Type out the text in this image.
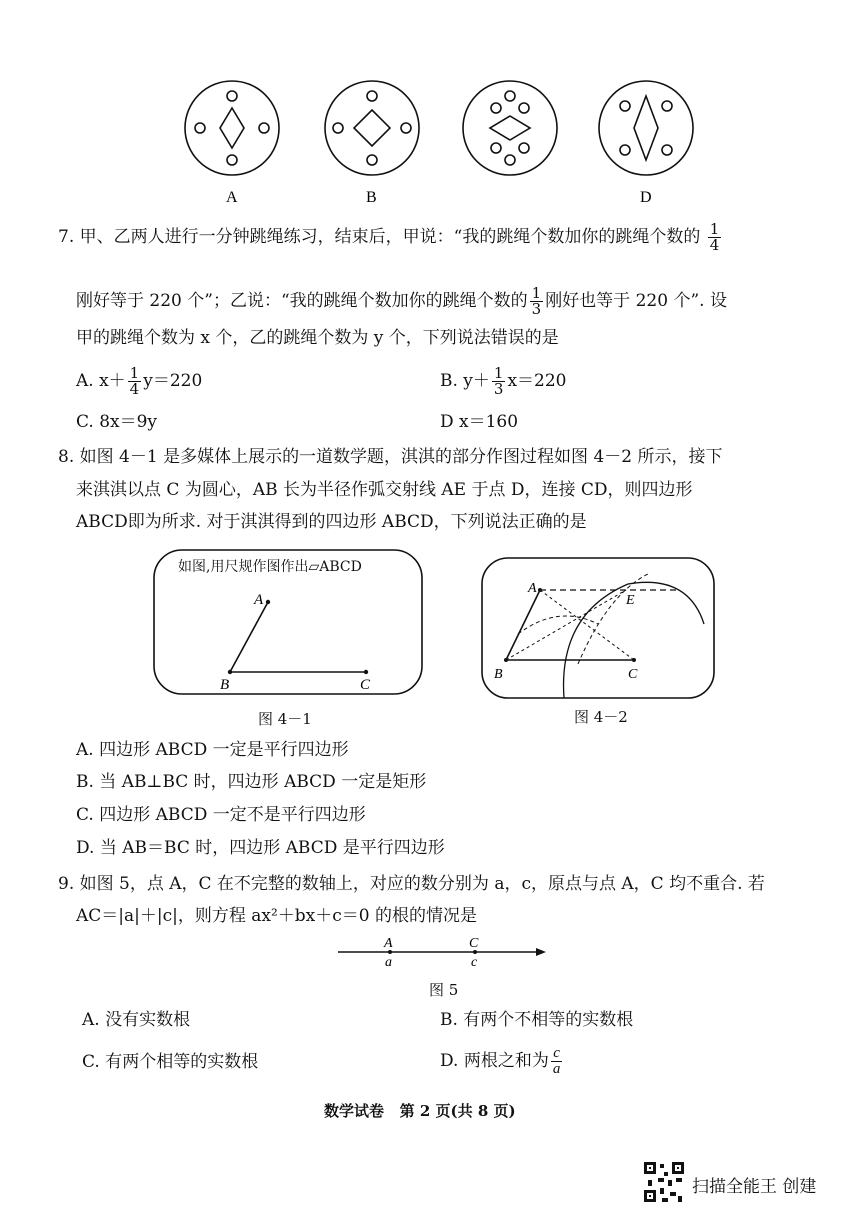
A	B	D
7. 甲、乙两人进行一分钟跳绳练习，结束后，甲说：“我的跳绳个数加你的跳绳个数的 $\frac{1}{4}$
刚好等于 220 个”；乙说：“我的跳绳个数加你的跳绳个数的 $\frac{1}{3}$ 刚好也等于 220 个”. 设
甲的跳绳个数为 x 个，乙的跳绳个数为 y 个，下列说法错误的是
A. $x+ \frac{1}{4} y=220$	B. $y+ \frac{1}{3} x=220$
C. 8x＝9y	D x＝160
8. 如图 4－1 是多媒体上展示的一道数学题，淇淇的部分作图过程如图 4－2 所示，接下
来淇淇以点 C 为圆心，AB 长为半径作弧交射线 AE 于点 D，连接 CD，则四边形
ABCD即为所求. 对于淇淇得到的四边形 ABCD，下列说法正确的是
A
B	C
如图,用尺规作图作出▱ABCD
图 4－1
A
E
B	C
图 4－2
A. 四边形 ABCD 一定是平行四边形
B. 当 AB⊥BC 时，四边形 ABCD 一定是矩形
C. 四边形 ABCD 一定不是平行四边形
D. 当 AB＝BC 时，四边形 ABCD 是平行四边形
9. 如图 5，点 A，C 在不完整的数轴上，对应的数分别为 a，c，原点与点 A，C 均不重合. 若
AC＝|a|＋|c|，则方程 ax²＋bx＋c＝0 的根的情况是
A
a
C
c
图 5
A. 没有实数根	B. 有两个不相等的实数根
C. 有两个相等的实数根	D. 两根之和为 $\frac{c}{a}$
数学试卷   第 2 页(共 8 页)
扫描全能王 创建
